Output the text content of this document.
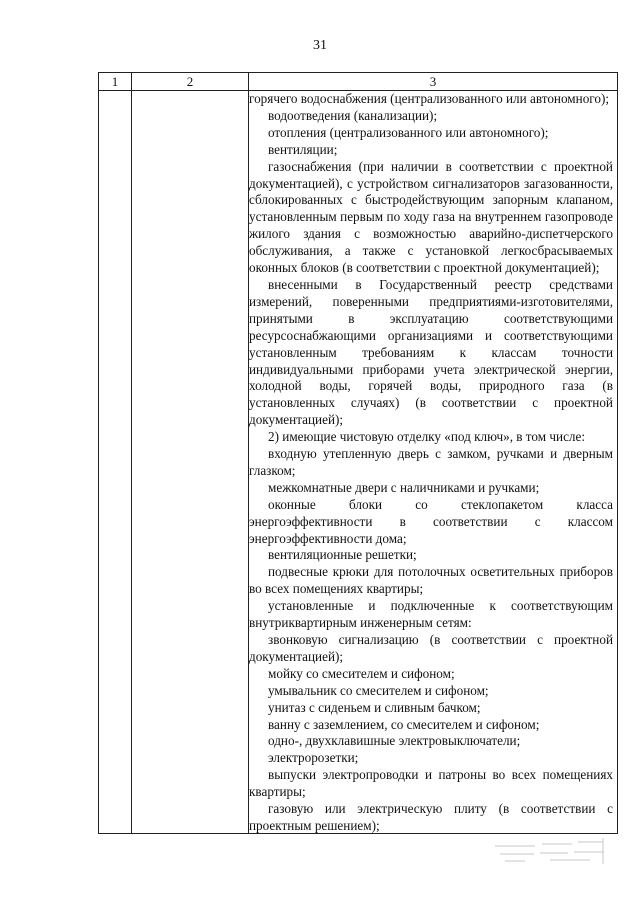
31
1	2	3

горячего водоснабжения (централизованного или автономного);

водоотведения (канализации);

отопления (централизованного или автономного);

вентиляции;

газоснабжения (при наличии в соответствии с проектной документацией), с устройством сигнализаторов загазованности, сблокированных с быстродействующим запорным клапаном, установленным первым по ходу газа на внутреннем газопроводе жилого здания с возможностью аварийно-диспетчерского обслуживания, а также с установкой легкосбрасываемых оконных блоков (в соответствии с проектной документацией);

внесенными в Государственный реестр средствами измерений, поверенными предприятиями-изготовителями, принятыми в эксплуатацию соответствующими ресурсоснабжающими организациями и соответствующими установленным требованиям к классам точности индивидуальными приборами учета электрической энергии, холодной воды, горячей воды, природного газа (в установленных случаях) (в соответствии с проектной документацией);

2) имеющие чистовую отделку «под ключ», в том числе:

входную утепленную дверь с замком, ручками и дверным глазком;

межкомнатные двери с наличниками и ручками;

оконные блоки со стеклопакетом класса энергоэффективности в соответствии с классом энергоэффективности дома;

вентиляционные решетки;

подвесные крюки для потолочных осветительных приборов во всех помещениях квартиры;

установленные и подключенные к соответствующим внутриквартирным инженерным сетям:

звонковую сигнализацию (в соответствии с проектной документацией);

мойку со смесителем и сифоном;

умывальник со смесителем и сифоном;

унитаз с сиденьем и сливным бачком;

ванну с заземлением, со смесителем и сифоном;

одно-, двухклавишные электровыключатели;

электророзетки;

выпуски электропроводки и патроны во всех помещениях квартиры;

газовую или электрическую плиту (в соответствии с проектным решением);
